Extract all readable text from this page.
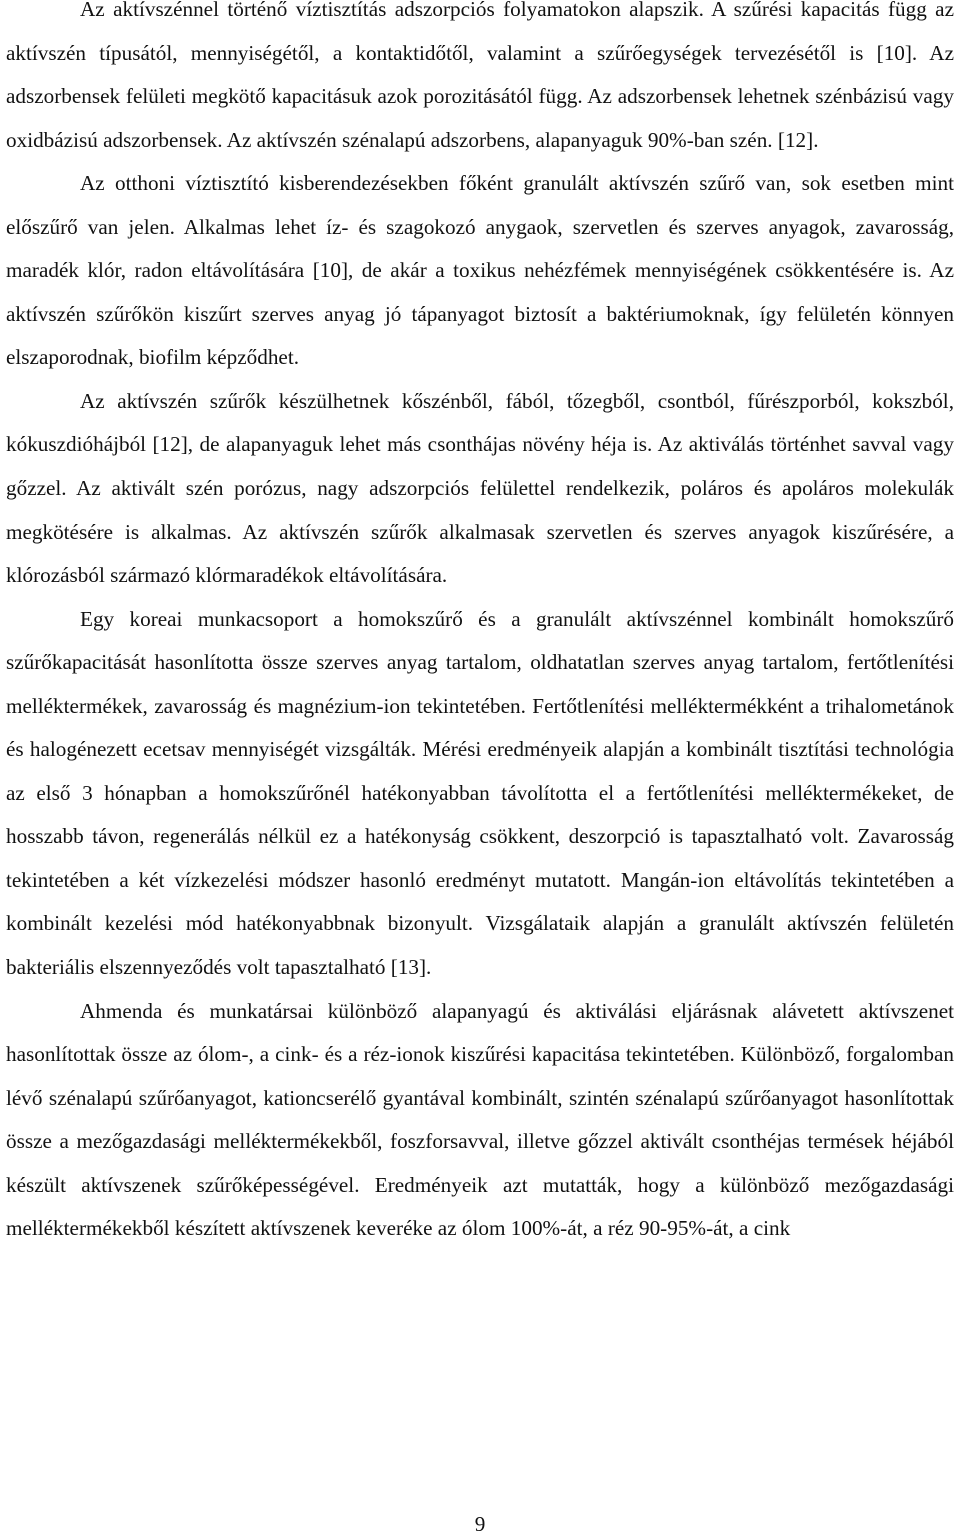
Az aktívszénnel történő víztisztítás adszorpciós folyamatokon alapszik. A szűrési kapacitás függ az aktívszén típusától, mennyiségétől, a kontaktidőtől, valamint a szűrőegységek tervezésétől is [10]. Az adszorbensek felületi megkötő kapacitásuk azok porozitásától függ. Az adszorbensek lehetnek szénbázisú vagy oxidbázisú adszorbensek. Az aktívszén szénalapú adszorbens, alapanyaguk 90%-ban szén. [12].

Az otthoni víztisztító kisberendezésekben főként granulált aktívszén szűrő van, sok esetben mint előszűrő van jelen. Alkalmas lehet íz- és szagokozó anygaok, szervetlen és szerves anyagok, zavarosság, maradék klór, radon eltávolítására [10], de akár a toxikus nehézfémek mennyiségének csökkentésére is. Az aktívszén szűrőkön kiszűrt szerves anyag jó tápanyagot biztosít a baktériumoknak, így felületén könnyen elszaporodnak, biofilm képződhet.

Az aktívszén szűrők készülhetnek kőszénből, fából, tőzegből, csontból, fűrészporból, kokszból, kókuszdióhájból [12], de alapanyaguk lehet más csonthájas növény héja is. Az aktiválás történhet savval vagy gőzzel. Az aktivált szén porózus, nagy adszorpciós felülettel rendelkezik, poláros és apoláros molekulák megkötésére is alkalmas. Az aktívszén szűrők alkalmasak szervetlen és szerves anyagok kiszűrésére, a klórozásból származó klórmaradékok eltávolítására.

Egy koreai munkacsoport a homokszűrő és a granulált aktívszénnel kombinált homokszűrő szűrőkapacitását hasonlította össze szerves anyag tartalom, oldhatatlan szerves anyag tartalom, fertőtlenítési melléktermékek, zavarosság és magnézium-ion tekintetében. Fertőtlenítési melléktermékként a trihalometánok és halogénezett ecetsav mennyiségét vizsgálták. Mérési eredményeik alapján a kombinált tisztítási technológia az első 3 hónapban a homokszűrőnél hatékonyabban távolította el a fertőtlenítési melléktermékeket, de hosszabb távon, regenerálás nélkül ez a hatékonyság csökkent, deszorpció is tapasztalható volt. Zavarosság tekintetében a két vízkezelési módszer hasonló eredményt mutatott. Mangán-ion eltávolítás tekintetében a kombinált kezelési mód hatékonyabbnak bizonyult. Vizsgálataik alapján a granulált aktívszén felületén bakteriális elszennyeződés volt tapasztalható [13].

Ahmenda és munkatársai különböző alapanyagú és aktiválási eljárásnak alávetett aktívszenet hasonlítottak össze az ólom-, a cink- és a réz-ionok kiszűrési kapacitása tekintetében. Különböző, forgalomban lévő szénalapú szűrőanyagot, kationcserélő gyantával kombinált, szintén szénalapú szűrőanyagot hasonlítottak össze a mezőgazdasági melléktermékekből, foszforsavval, illetve gőzzel aktivált csonthéjas termések héjából készült aktívszenek szűrőképességével. Eredményeik azt mutatták, hogy a különböző mezőgazdasági melléktermékekből készített aktívszenek keveréke az ólom 100%-át, a réz 90-95%-át, a cink

9
